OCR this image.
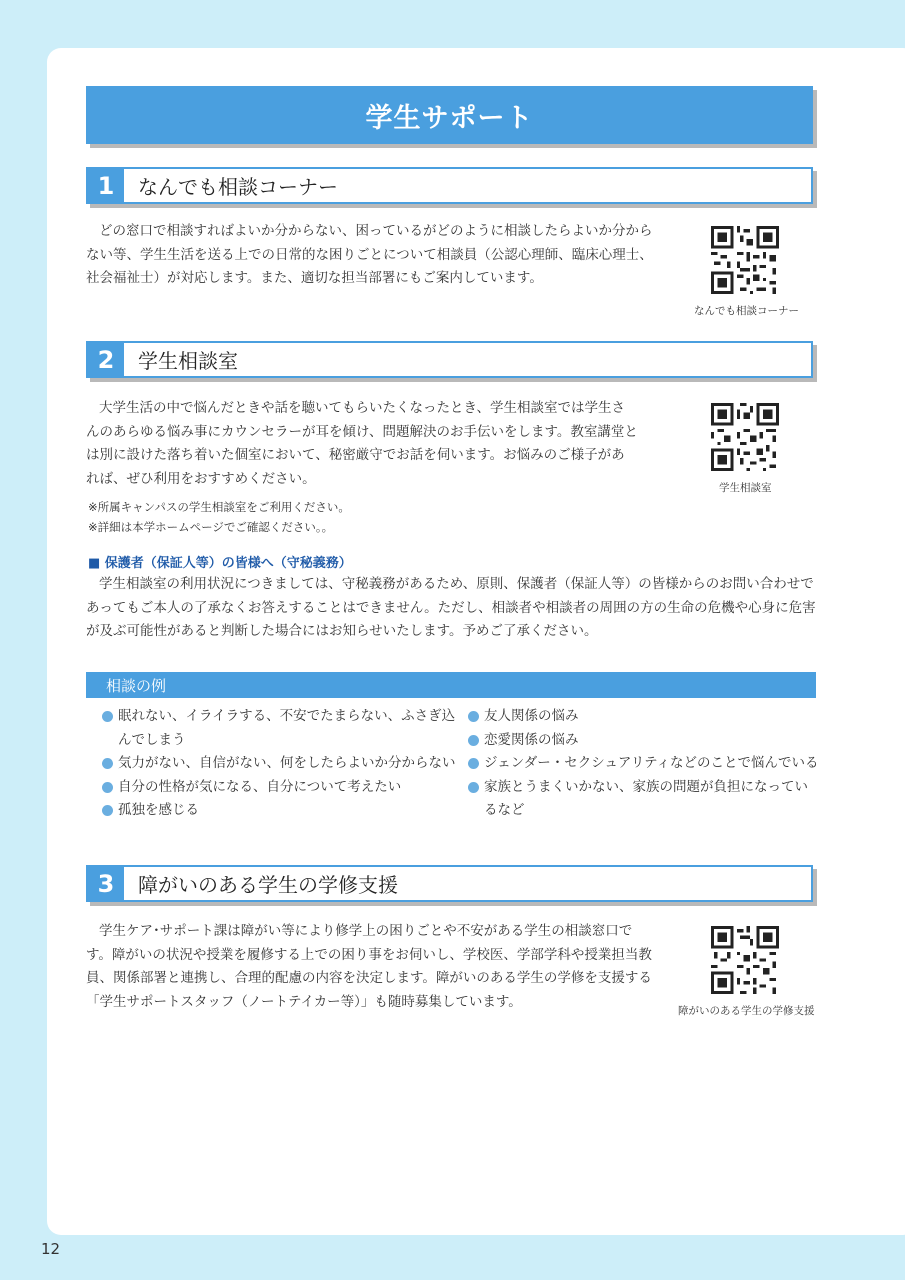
学生サポート
1	なんでも相談コーナー

どの窓口で相談すればよいか分からない、困っているがどのように相談したらよいか分からない等、学生生活を送る上での日常的な困りごとについて相談員（公認心理師、臨床心理士、社会福祉士）が対応します。また、適切な担当部署にもご案内しています。

なんでも相談コーナー
2	学生相談室

大学生活の中で悩んだときや話を聴いてもらいたくなったとき、学生相談室では学生さんのあらゆる悩み事にカウンセラーが耳を傾け、問題解決のお手伝いをします。教室講堂とは別に設けた落ち着いた個室において、秘密厳守でお話を伺います。お悩みのご様子があれば、ぜひ利用をおすすめください。

学生相談室

※所属キャンパスの学生相談室をご利用ください。

※詳細は本学ホームページでご確認ください。。

■ 保護者（保証人等）の皆様へ（守秘義務）

学生相談室の利用状況につきましては、守秘義務があるため、原則、保護者（保証人等）の皆様からのお問い合わせであってもご本人の了承なくお答えすることはできません。ただし、相談者や相談者の周囲の方の生命の危機や心身に危害が及ぶ可能性があると判断した場合にはお知らせいたします。予めご了承ください。

相談の例
眠れない、イライラする、不安でたまらない、ふさぎ込んでしまう
気力がない、自信がない、何をしたらよいか分からない
自分の性格が気になる、自分について考えたい
孤独を感じる
友人関係の悩み
恋愛関係の悩み
ジェンダー・セクシュアリティなどのことで悩んでいる
家族とうまくいかない、家族の問題が負担になっているなど
3	障がいのある学生の学修支援

学生ケア･サポート課は障がい等により修学上の困りごとや不安がある学生の相談窓口です。障がいの状況や授業を履修する上での困り事をお伺いし、学校医、学部学科や授業担当教員、関係部署と連携し、合理的配慮の内容を決定します。障がいのある学生の学修を支援する「学生サポートスタッフ（ノートテイカー等）」も随時募集しています。

障がいのある学生の学修支援
12
